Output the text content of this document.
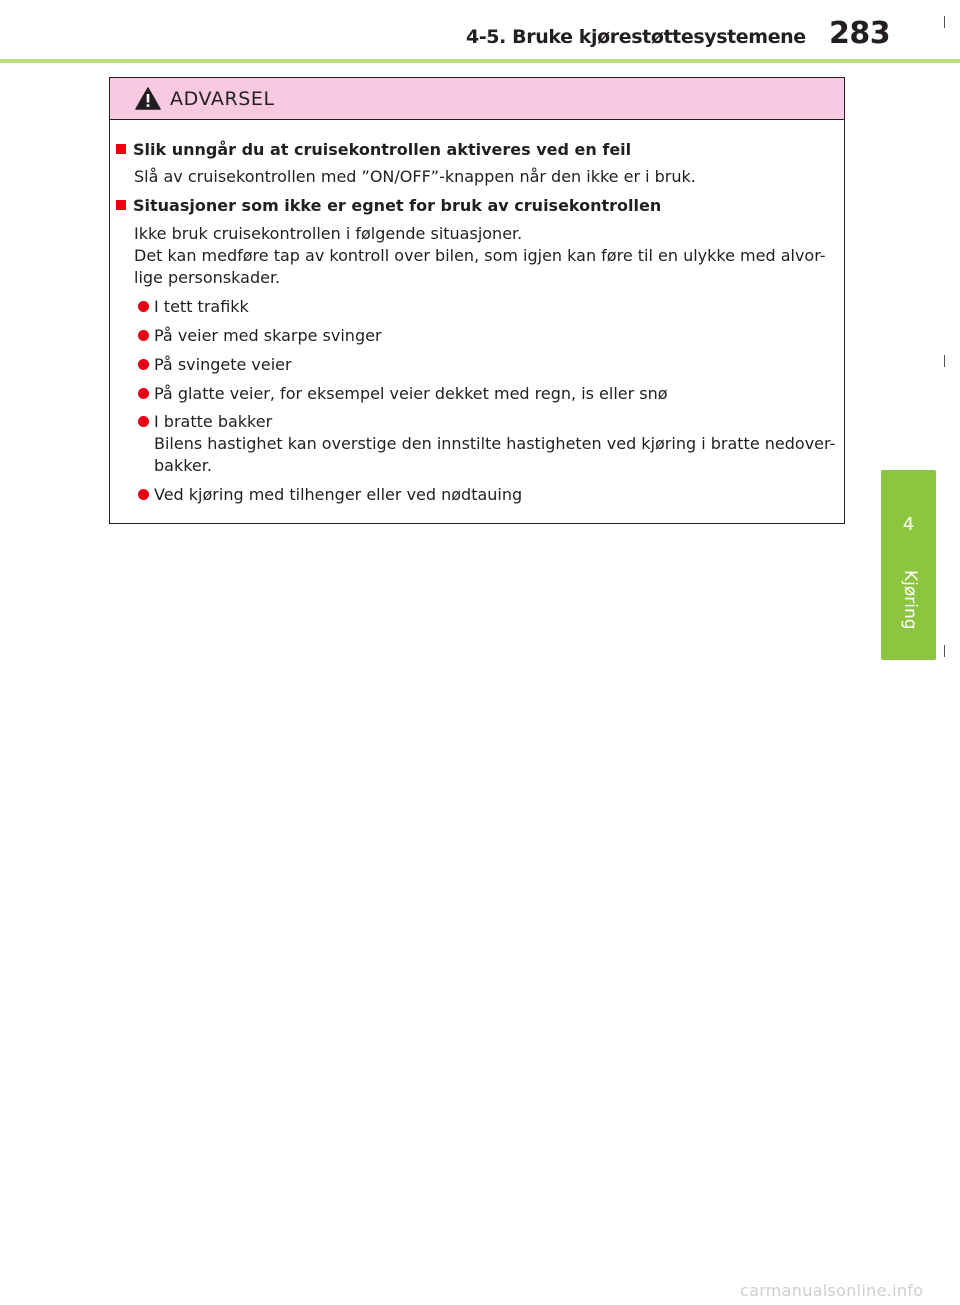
4-5. Bruke kjørestøttesystemene 283
4
Kjøring
ADVARSEL
Slik unngår du at cruisekontrollen aktiveres ved en feil
Slå av cruisekontrollen med ”ON/OFF”-knappen når den ikke er i bruk.
Situasjoner som ikke er egnet for bruk av cruisekontrollen
Ikke bruk cruisekontrollen i følgende situasjoner.
Det kan medføre tap av kontroll over bilen, som igjen kan føre til en ulykke med alvor-
lige personskader.
I tett trafikk
På veier med skarpe svinger
På svingete veier
På glatte veier, for eksempel veier dekket med regn, is eller snø
I bratte bakker
Bilens hastighet kan overstige den innstilte hastigheten ved kjøring i bratte nedover-
bakker.
Ved kjøring med tilhenger eller ved nødtauing
carmanualsonline.info
